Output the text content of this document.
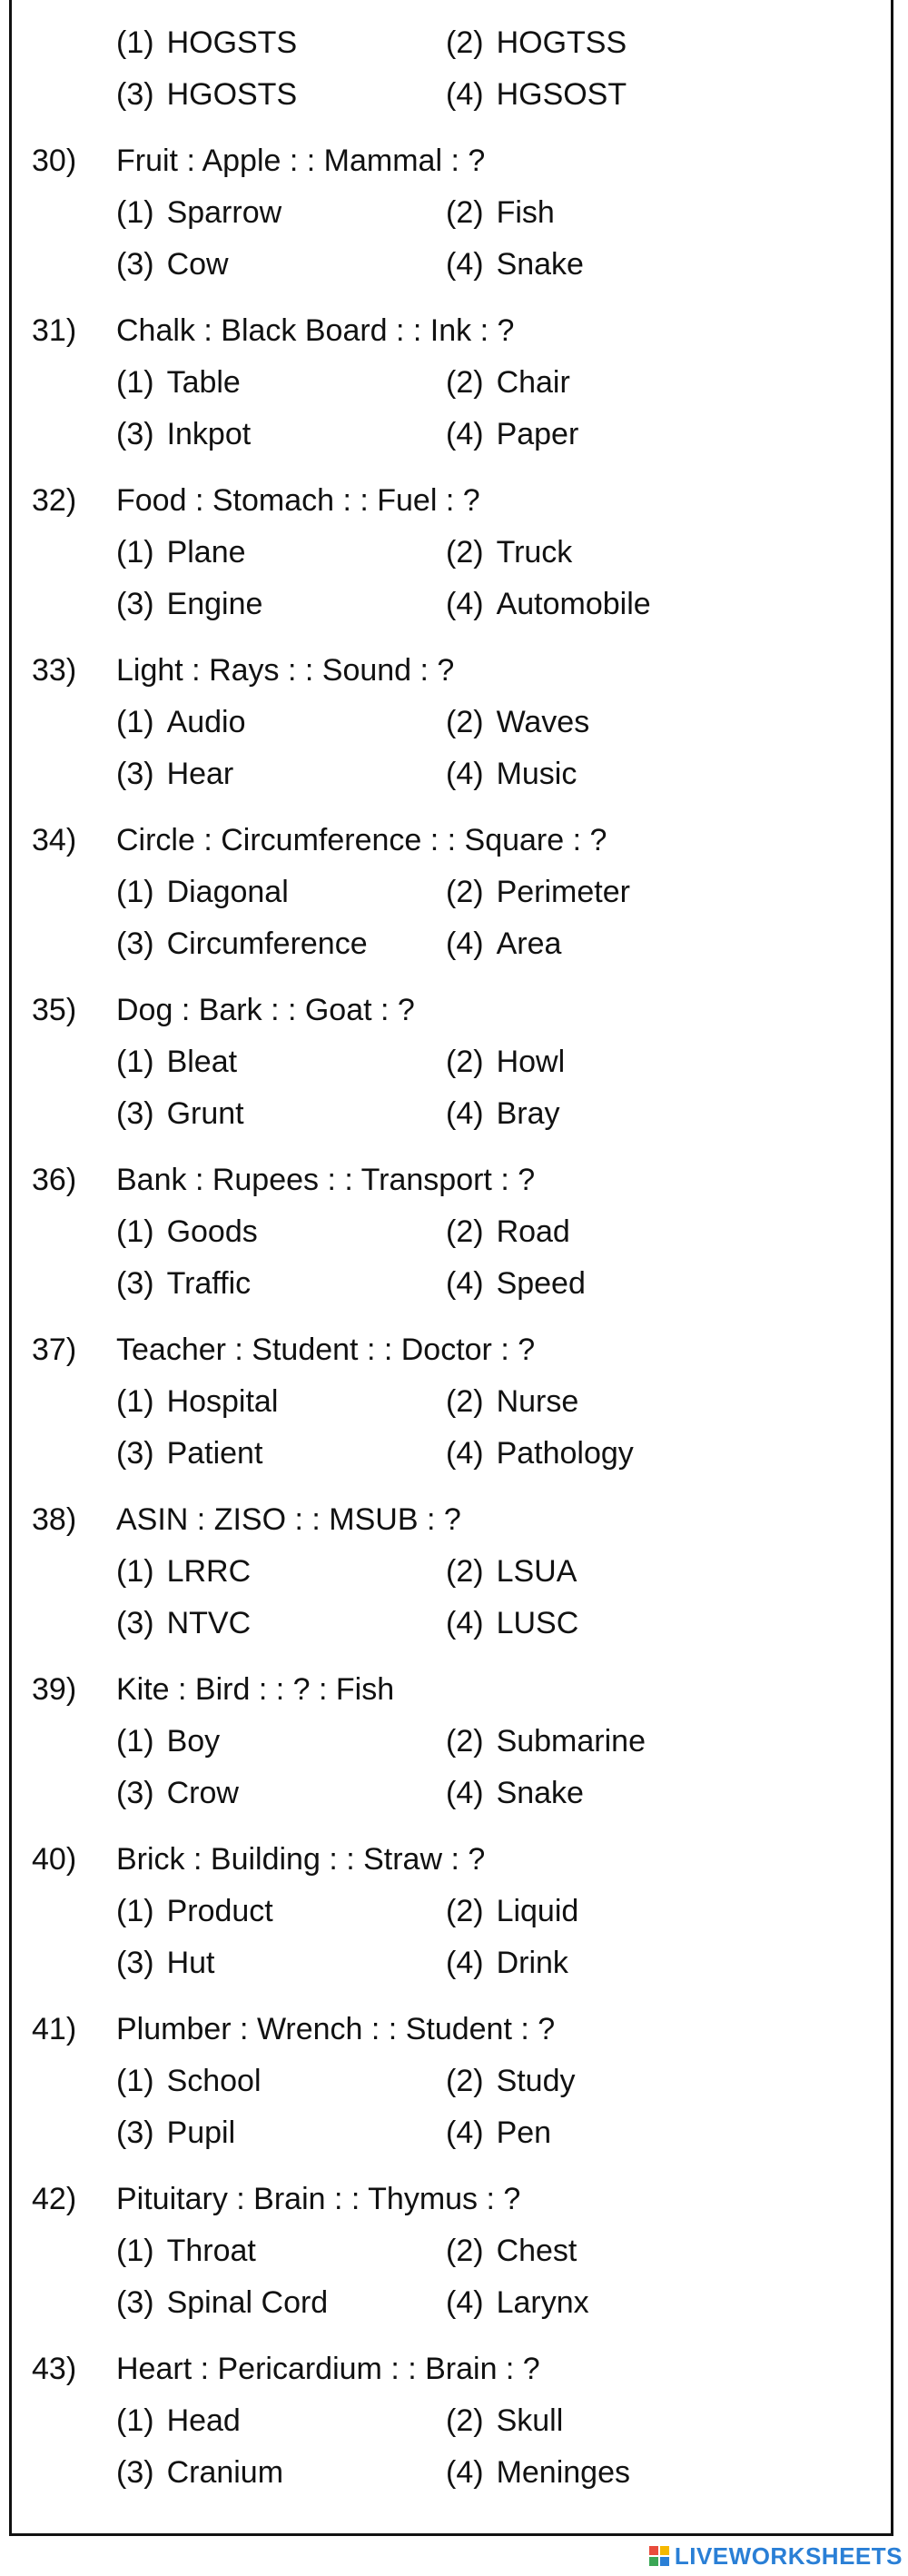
(1) HOGSTS	(2) HOGTSS
(3) HGOSTS	(4) HGSOST
30) Fruit : Apple : : Mammal : ?
(1) Sparrow	(2) Fish
(3) Cow	(4) Snake
31) Chalk : Black Board : : Ink : ?
(1) Table	(2) Chair
(3) Inkpot	(4) Paper
32) Food : Stomach : : Fuel : ?
(1) Plane	(2) Truck
(3) Engine	(4) Automobile
33) Light : Rays : : Sound : ?
(1) Audio	(2) Waves
(3) Hear	(4) Music
34) Circle : Circumference : : Square : ?
(1) Diagonal	(2) Perimeter
(3) Circumference	(4) Area
35) Dog : Bark : : Goat : ?
(1) Bleat	(2) Howl
(3) Grunt	(4) Bray
36) Bank : Rupees : : Transport : ?
(1) Goods	(2) Road
(3) Traffic	(4) Speed
37) Teacher : Student : : Doctor : ?
(1) Hospital	(2) Nurse
(3) Patient	(4) Pathology
38) ASIN : ZISO : : MSUB : ?
(1) LRRC	(2) LSUA
(3) NTVC	(4) LUSC
39) Kite : Bird : : ? : Fish
(1) Boy	(2) Submarine
(3) Crow	(4) Snake
40) Brick : Building : : Straw : ?
(1) Product	(2) Liquid
(3) Hut	(4) Drink
41) Plumber : Wrench : : Student : ?
(1) School	(2) Study
(3) Pupil	(4) Pen
42) Pituitary : Brain : : Thymus : ?
(1) Throat	(2) Chest
(3) Spinal Cord	(4) Larynx
43) Heart : Pericardium : : Brain : ?
(1) Head	(2) Skull
(3) Cranium	(4) Meninges
LIVEWORKSHEETS
